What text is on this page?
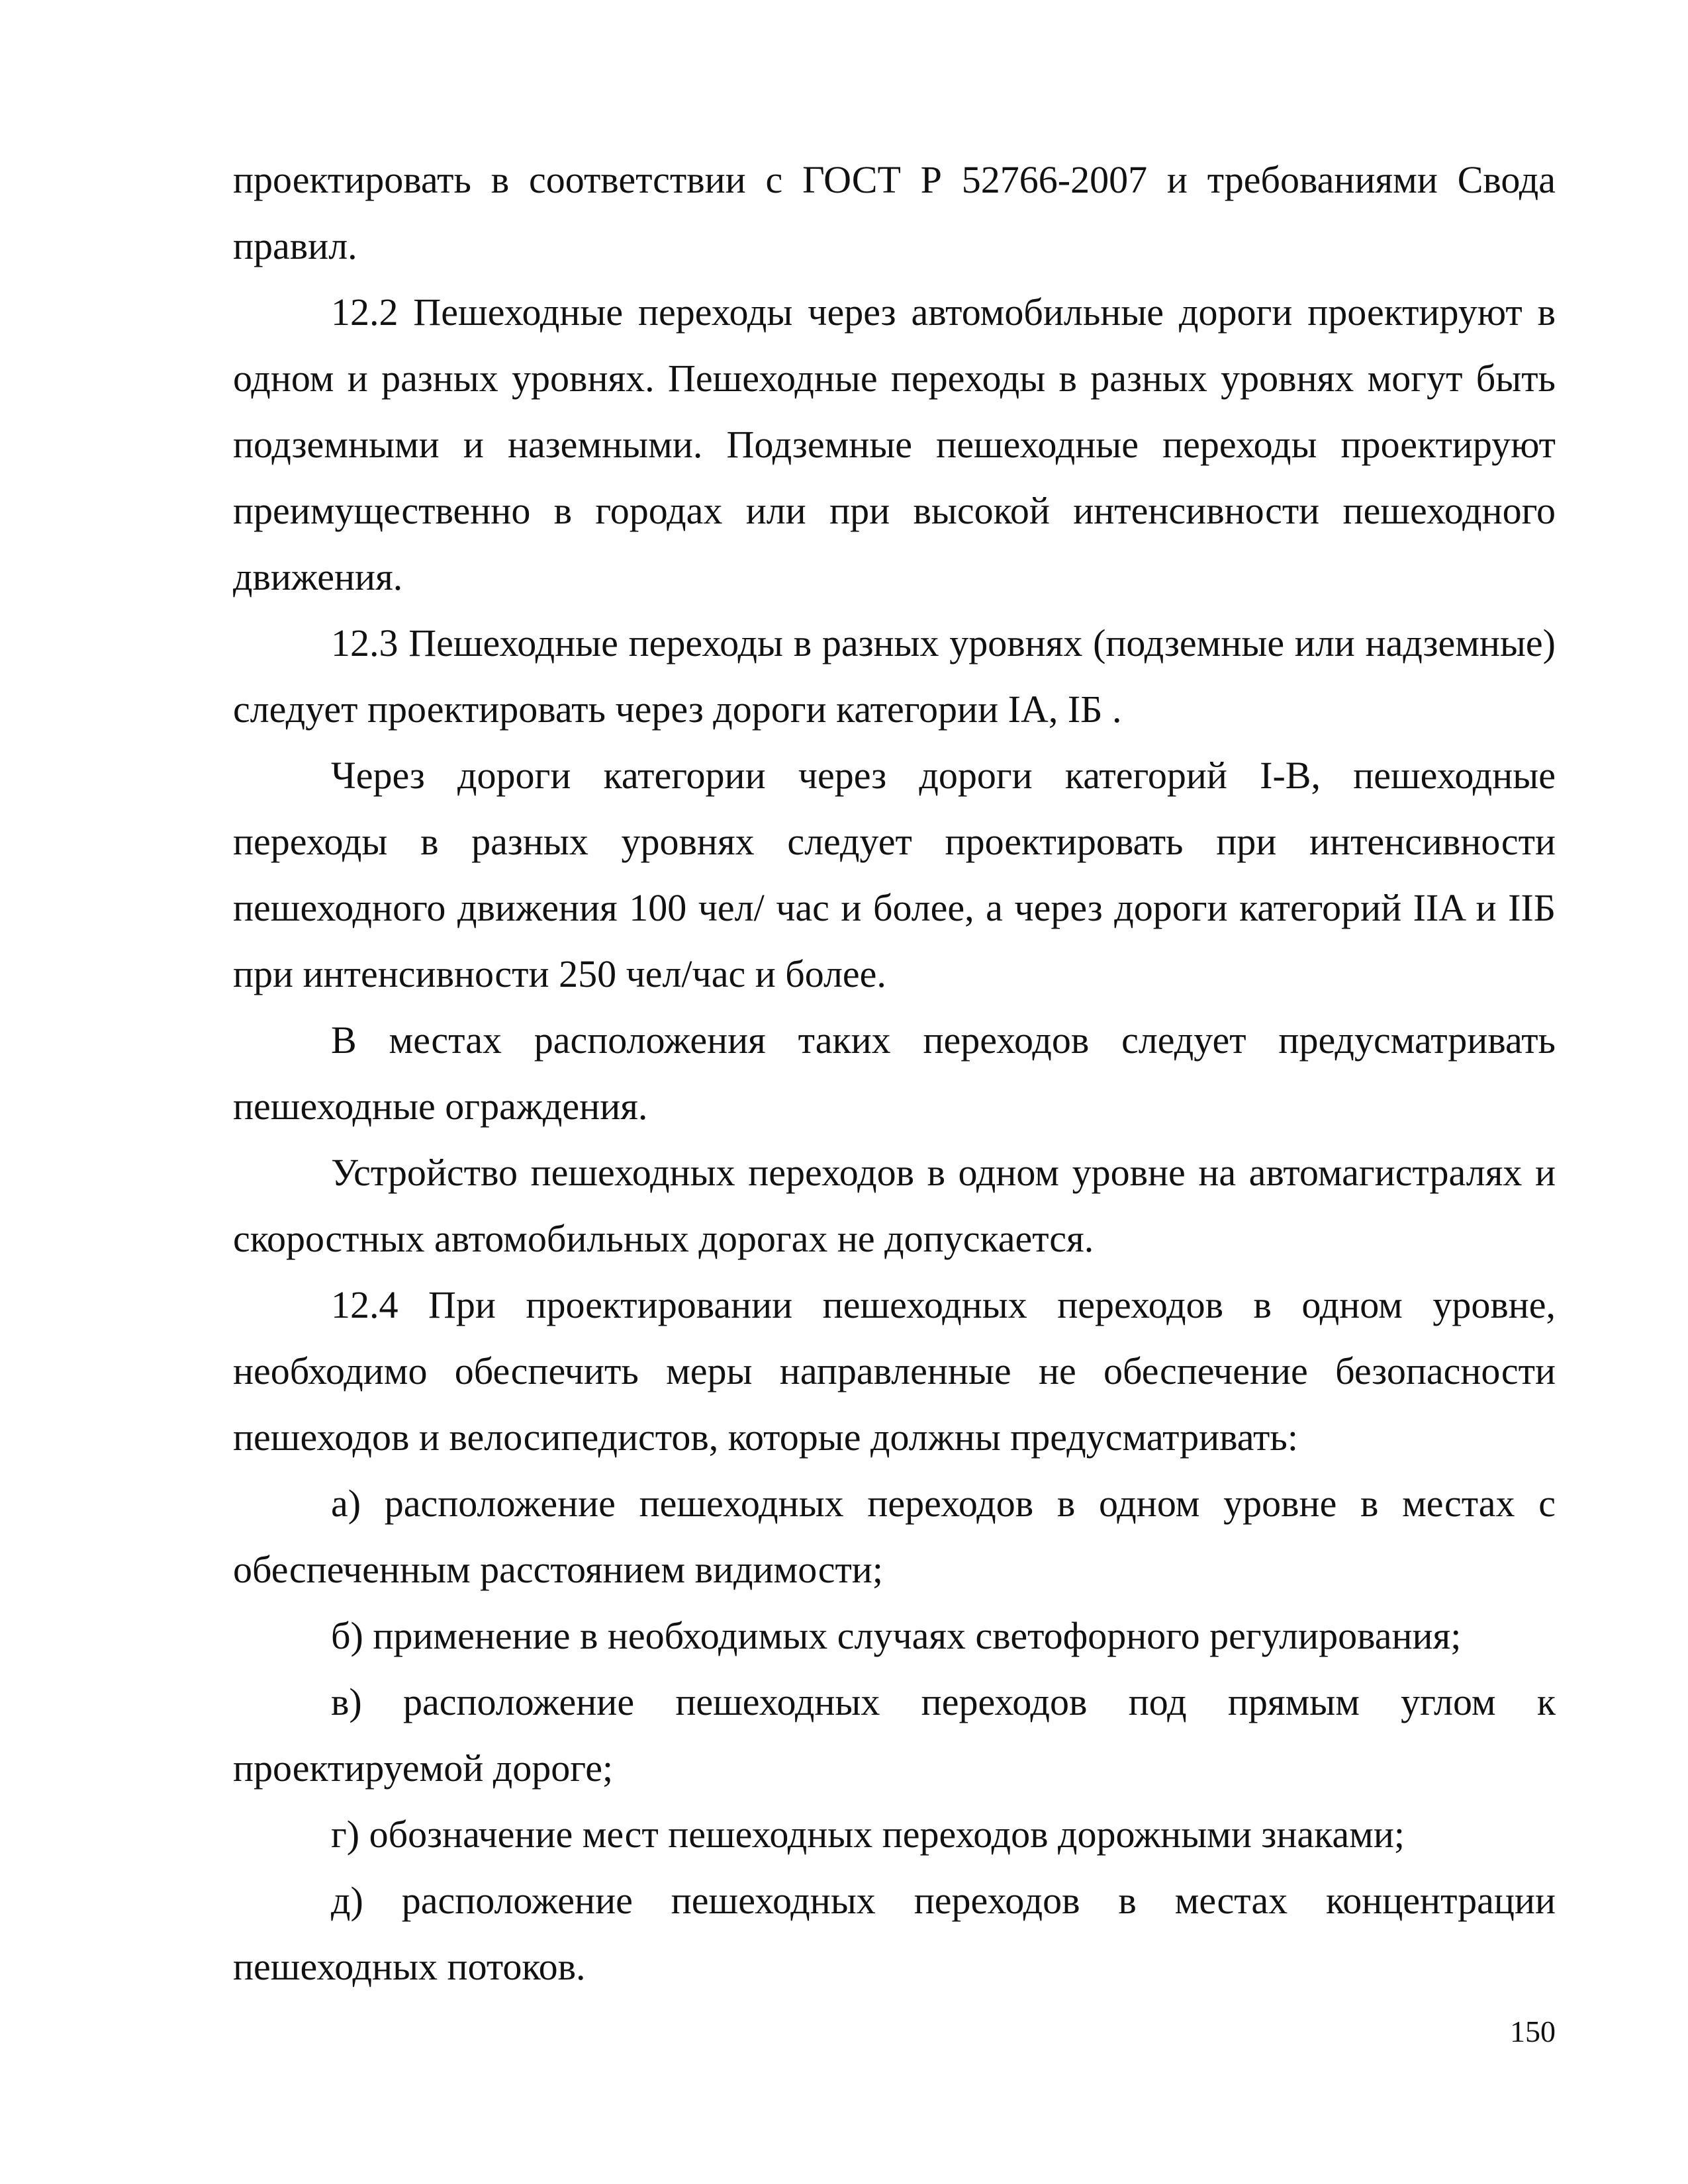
проектировать в соответствии с ГОСТ Р 52766-2007 и требованиями Свода правил.

12.2 Пешеходные переходы через автомобильные дороги проектируют в одном и разных уровнях. Пешеходные переходы в разных уровнях могут быть подземными и наземными. Подземные пешеходные переходы проектируют преимущественно в городах или при высокой интенсивности пешеходного движения.

12.3 Пешеходные переходы в разных уровнях (подземные или надземные) следует проектировать через дороги категории IA, IБ .

Через дороги категории через дороги категорий I-B, пешеходные переходы в разных уровнях следует проектировать при интенсивности пешеходного движения 100 чел/ час и более, а через дороги категорий IIA и IIБ при интенсивности 250 чел/час и более.

В местах расположения таких переходов следует предусматривать пешеходные ограждения.

Устройство пешеходных переходов в одном уровне на автомагистралях и скоростных автомобильных дорогах не допускается.

12.4 При проектировании пешеходных переходов в одном уровне, необходимо обеспечить меры направленные не обеспечение безопасности пешеходов и велосипедистов, которые должны предусматривать:

а) расположение пешеходных переходов в одном уровне в местах с обеспеченным расстоянием видимости;

б) применение в необходимых случаях светофорного регулирования;

в) расположение пешеходных переходов под прямым углом к проектируемой дороге;

г) обозначение мест пешеходных переходов дорожными знаками;

д) расположение пешеходных переходов в местах концентрации пешеходных потоков.

150
